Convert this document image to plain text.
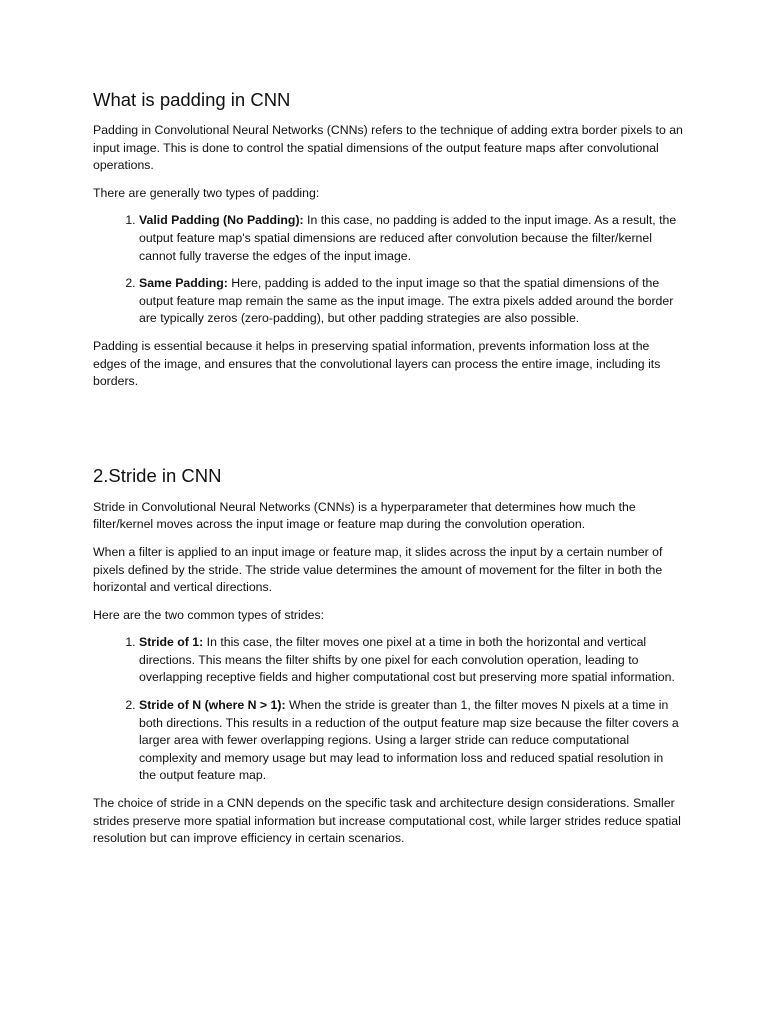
What is padding in CNN

Padding in Convolutional Neural Networks (CNNs) refers to the technique of adding extra border pixels to an input image. This is done to control the spatial dimensions of the output feature maps after convolutional operations.

There are generally two types of padding:

1. Valid Padding (No Padding): In this case, no padding is added to the input image. As a result, the output feature map's spatial dimensions are reduced after convolution because the filter/kernel cannot fully traverse the edges of the input image.
2. Same Padding: Here, padding is added to the input image so that the spatial dimensions of the output feature map remain the same as the input image. The extra pixels added around the border are typically zeros (zero-padding), but other padding strategies are also possible.

Padding is essential because it helps in preserving spatial information, prevents information loss at the edges of the image, and ensures that the convolutional layers can process the entire image, including its borders.

2.Stride in CNN

Stride in Convolutional Neural Networks (CNNs) is a hyperparameter that determines how much the filter/kernel moves across the input image or feature map during the convolution operation.

When a filter is applied to an input image or feature map, it slides across the input by a certain number of pixels defined by the stride. The stride value determines the amount of movement for the filter in both the horizontal and vertical directions.

Here are the two common types of strides:

1. Stride of 1: In this case, the filter moves one pixel at a time in both the horizontal and vertical directions. This means the filter shifts by one pixel for each convolution operation, leading to overlapping receptive fields and higher computational cost but preserving more spatial information.
2. Stride of N (where N > 1): When the stride is greater than 1, the filter moves N pixels at a time in both directions. This results in a reduction of the output feature map size because the filter covers a larger area with fewer overlapping regions. Using a larger stride can reduce computational complexity and memory usage but may lead to information loss and reduced spatial resolution in the output feature map.

The choice of stride in a CNN depends on the specific task and architecture design considerations. Smaller strides preserve more spatial information but increase computational cost, while larger strides reduce spatial resolution but can improve efficiency in certain scenarios.
